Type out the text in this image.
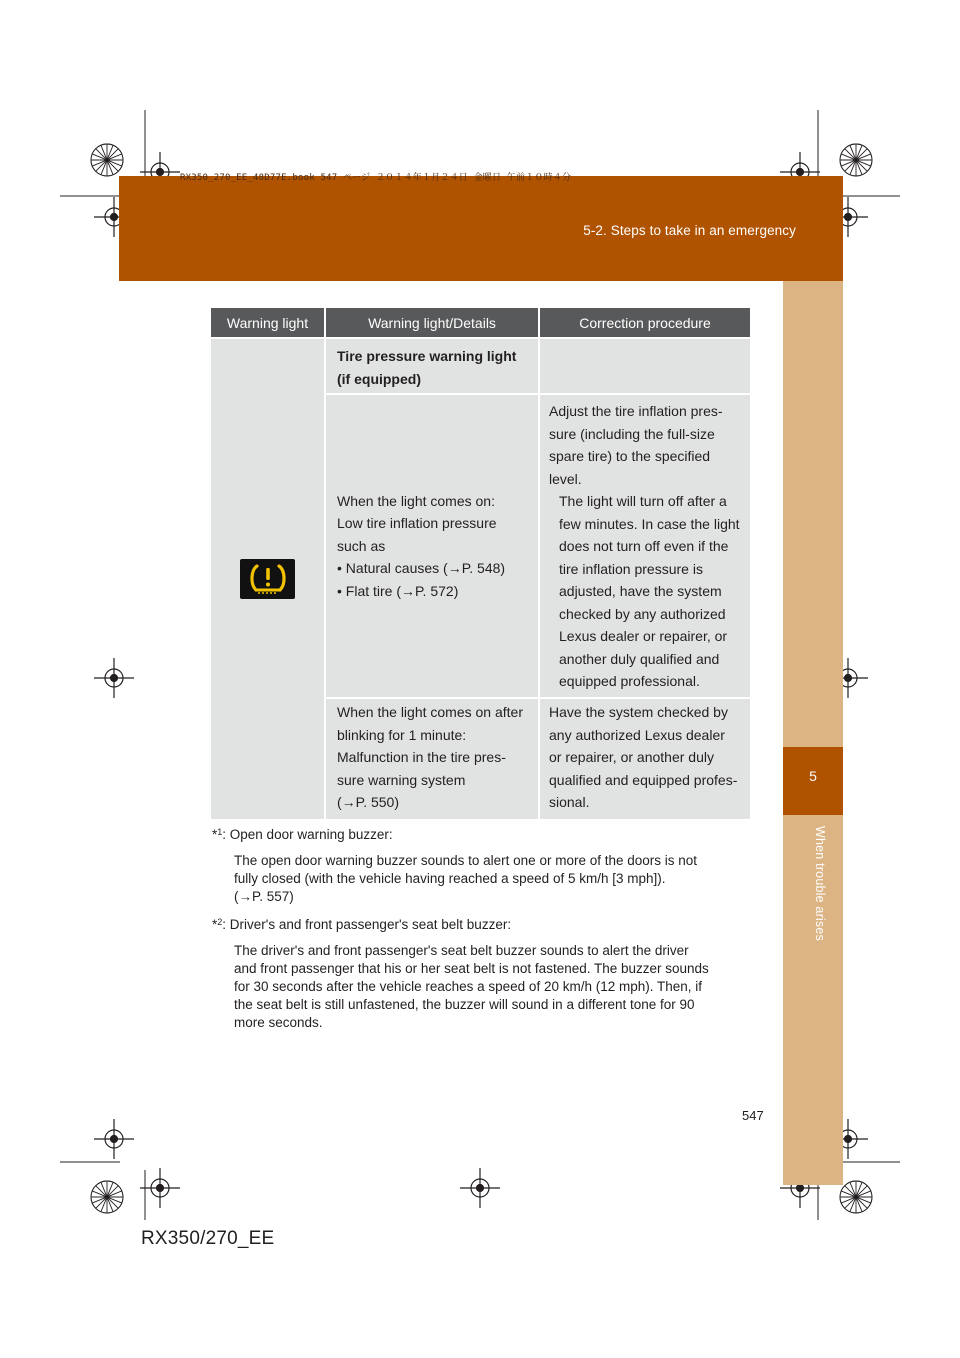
RX350_270_EE_48D77E.book 547 ページ ２０１４年１月２４日 金曜日 午前１０時４分
5-2. Steps to take in an emergency
5
When trouble arises
Warning light	Warning light/Details	Correction procedure
Tire pressure warning light
(if equipped)
When the light comes on:
Low tire inflation pressure
such as
• Natural causes (→P. 548)
• Flat tire (→P. 572)
Adjust the tire inflation pres-
sure (including the full-size
spare tire) to the specified
level.
The light will turn off after a
few minutes. In case the light
does not turn off even if the
tire inflation pressure is
adjusted, have the system
checked by any authorized
Lexus dealer or repairer, or
another duly qualified and
equipped professional.
When the light comes on after
blinking for 1 minute:
Malfunction in the tire pres-
sure warning system
(→P. 550)
Have the system checked by
any authorized Lexus dealer
or repairer, or another duly
qualified and equipped profes-
sional.
*$^1$ : Open door warning buzzer:
The open door warning buzzer sounds to alert one or more of the doors is not
fully closed (with the vehicle having reached a speed of 5 km/h [3 mph]).
(→P. 557)
*$^2$ : Driver's and front passenger's seat belt buzzer:
The driver's and front passenger's seat belt buzzer sounds to alert the driver
and front passenger that his or her seat belt is not fastened. The buzzer sounds
for 30 seconds after the vehicle reaches a speed of 20 km/h (12 mph). Then, if
the seat belt is still unfastened, the buzzer will sound in a different tone for 90
more seconds.
547
RX350/270_EE
